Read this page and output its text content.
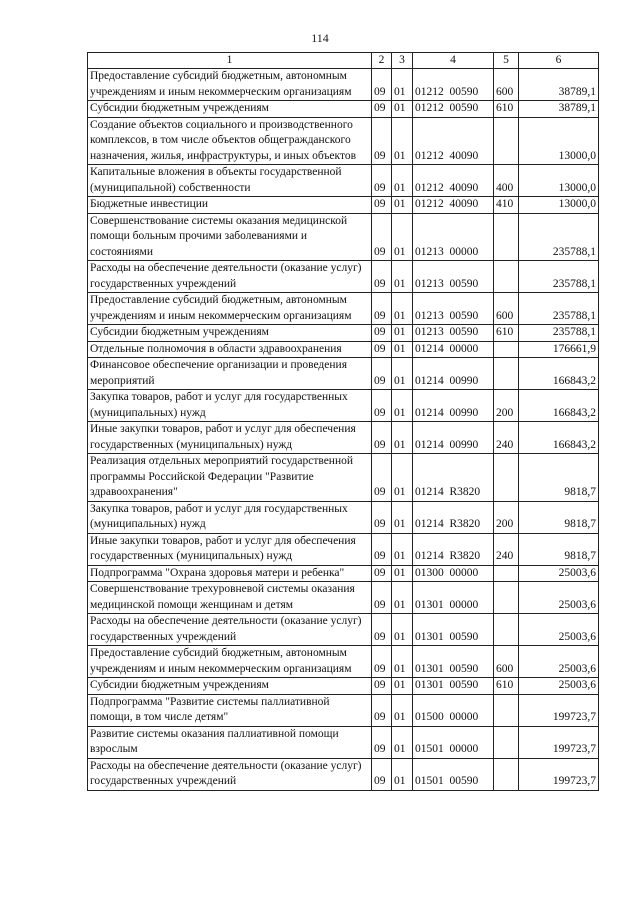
114
1	2	3	4	5	6
Предоставление субсидий бюджетным, автономным учреждениям и иным некоммерческим организациям	09	01	01212  00590	600	38789,1
Субсидии бюджетным учреждениям	09	01	01212  00590	610	38789,1
Создание объектов социального и производственного комплексов, в том числе объектов общегражданского назначения, жилья, инфраструктуры, и иных объектов	09	01	01212  40090		13000,0
Капитальные вложения в объекты государственной (муниципальной) собственности	09	01	01212  40090	400	13000,0
Бюджетные инвестиции	09	01	01212  40090	410	13000,0
Совершенствование системы оказания медицинской помощи больным прочими заболеваниями и состояниями	09	01	01213  00000		235788,1
Расходы на обеспечение деятельности (оказание услуг) государственных учреждений	09	01	01213  00590		235788,1
Предоставление субсидий бюджетным, автономным учреждениям и иным некоммерческим организациям	09	01	01213  00590	600	235788,1
Субсидии бюджетным учреждениям	09	01	01213  00590	610	235788,1
Отдельные полномочия в области здравоохранения	09	01	01214  00000		176661,9
Финансовое обеспечение организации и проведения мероприятий	09	01	01214  00990		166843,2
Закупка товаров, работ и услуг для государственных (муниципальных) нужд	09	01	01214  00990	200	166843,2
Иные закупки товаров, работ и услуг для обеспечения государственных (муниципальных) нужд	09	01	01214  00990	240	166843,2
Реализация отдельных мероприятий государственной программы Российской Федерации "Развитие здравоохранения"	09	01	01214  R3820		9818,7
Закупка товаров, работ и услуг для государственных (муниципальных) нужд	09	01	01214  R3820	200	9818,7
Иные закупки товаров, работ и услуг для обеспечения государственных (муниципальных) нужд	09	01	01214  R3820	240	9818,7
Подпрограмма "Охрана здоровья матери и ребенка"	09	01	01300  00000		25003,6
Совершенствование трехуровневой системы оказания медицинской помощи женщинам и детям	09	01	01301  00000		25003,6
Расходы на обеспечение деятельности (оказание услуг) государственных учреждений	09	01	01301  00590		25003,6
Предоставление субсидий бюджетным, автономным учреждениям и иным некоммерческим организациям	09	01	01301  00590	600	25003,6
Субсидии бюджетным учреждениям	09	01	01301  00590	610	25003,6
Подпрограмма "Развитие системы паллиативной помощи, в том числе детям"	09	01	01500  00000		199723,7
Развитие системы оказания паллиативной помощи взрослым	09	01	01501  00000		199723,7
Расходы на обеспечение деятельности (оказание услуг) государственных учреждений	09	01	01501  00590		199723,7
